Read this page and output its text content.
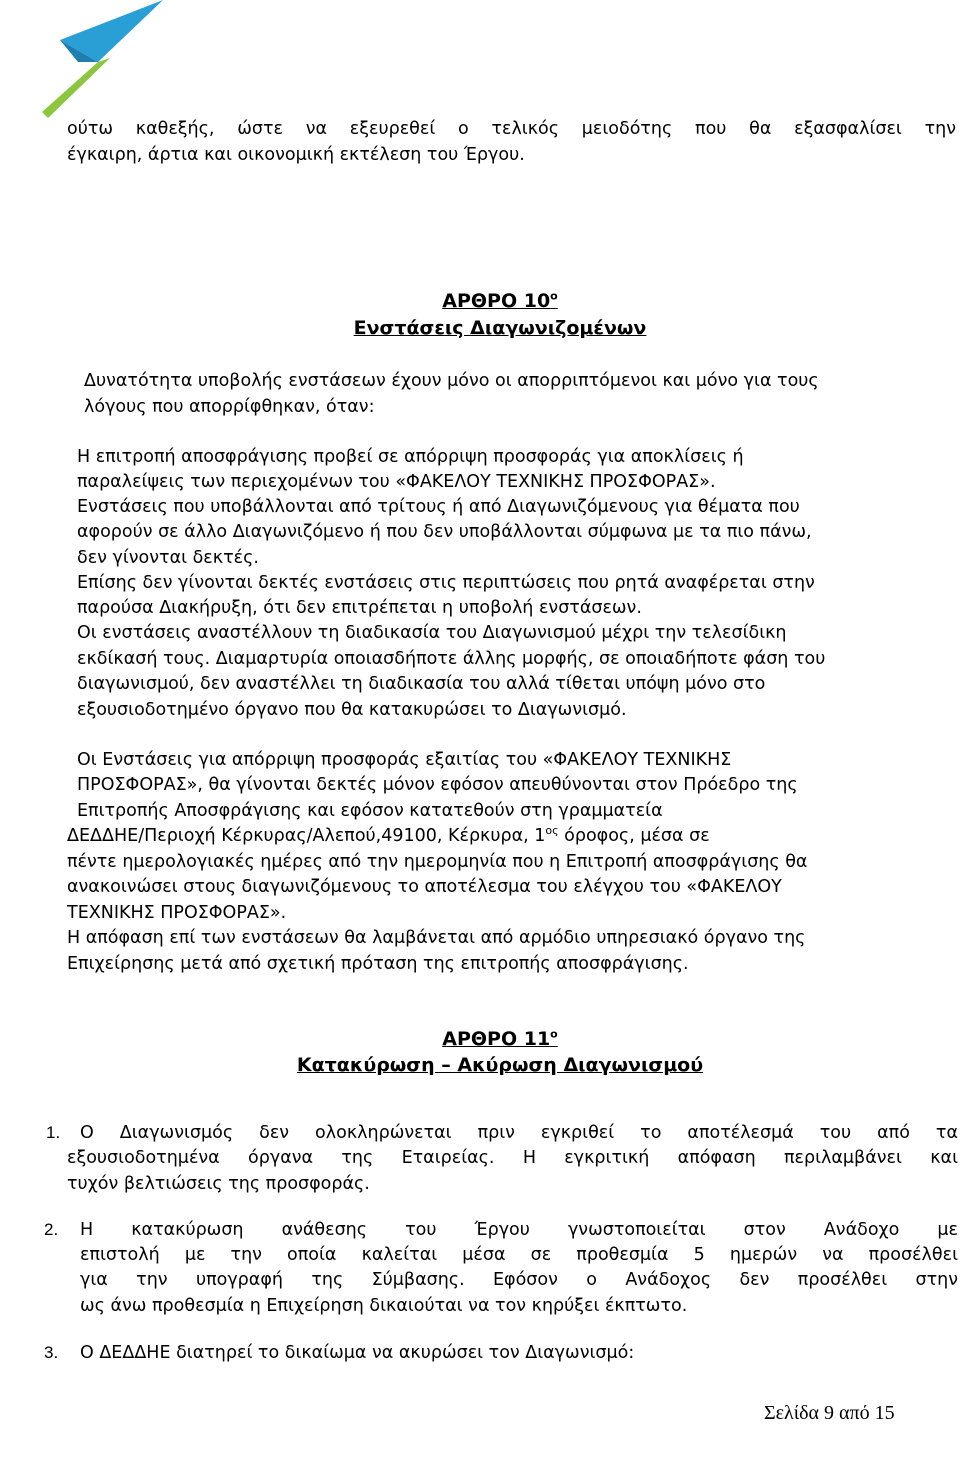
ούτω καθεξής, ώστε να εξευρεθεί ο τελικός μειοδότης που θα εξασφαλίσει την
έγκαιρη, άρτια και οικονομική εκτέλεση του Έργου.
ΑΡΘΡΟ $10^o$
Ενστάσεις Διαγωνιζομένων
Δυνατότητα υποβολής ενστάσεων έχουν μόνο οι απορριπτόμενοι και μόνο για τους
λόγους που απορρίφθηκαν, όταν:
Η επιτροπή αποσφράγισης προβεί σε απόρριψη προσφοράς για αποκλίσεις ή
παραλείψεις των περιεχομένων του «ΦΑΚΕΛΟΥ ΤΕΧΝΙΚΗΣ ΠΡΟΣΦΟΡΑΣ».
Ενστάσεις που υποβάλλονται από τρίτους ή από Διαγωνιζόμενους για θέματα που
αφορούν σε άλλο Διαγωνιζόμενο ή που δεν υποβάλλονται σύμφωνα με τα πιο πάνω,
δεν γίνονται δεκτές.
Επίσης δεν γίνονται δεκτές ενστάσεις στις περιπτώσεις που ρητά αναφέρεται στην
παρούσα Διακήρυξη, ότι δεν επιτρέπεται η υποβολή ενστάσεων.
Οι ενστάσεις αναστέλλουν τη διαδικασία του Διαγωνισμού μέχρι την τελεσίδικη
εκδίκασή τους. Διαμαρτυρία οποιασδήποτε άλλης μορφής, σε οποιαδήποτε φάση του
διαγωνισμού, δεν αναστέλλει τη διαδικασία του αλλά τίθεται υπόψη μόνο στο
εξουσιοδοτημένο όργανο που θα κατακυρώσει το Διαγωνισμό.
Οι Ενστάσεις για απόρριψη προσφοράς εξαιτίας του «ΦΑΚΕΛΟΥ ΤΕΧΝΙΚΗΣ
ΠΡΟΣΦΟΡΑΣ», θα γίνονται δεκτές μόνον εφόσον απευθύνονται στον Πρόεδρο της
Επιτροπής Αποσφράγισης και εφόσον κατατεθούν στη γραμματεία
ΔΕΔΔΗΕ/Περιοχή Κέρκυρας/Αλεπού,49100, Κέρκυρα, $1^{o\varsigma}$ όροφος, μέσα σε
πέντε ημερολογιακές ημέρες από την ημερομηνία που η Επιτροπή αποσφράγισης θα
ανακοινώσει στους διαγωνιζόμενους το αποτέλεσμα του ελέγχου του «ΦΑΚΕΛΟΥ
ΤΕΧΝΙΚΗΣ ΠΡΟΣΦΟΡΑΣ».
Η απόφαση επί των ενστάσεων θα λαμβάνεται από αρμόδιο υπηρεσιακό όργανο της
Επιχείρησης μετά από σχετική πρόταση της επιτροπής αποσφράγισης.
ΑΡΘΡΟ $11^o$
Κατακύρωση – Ακύρωση Διαγωνισμού
1. Ο Διαγωνισμός δεν ολοκληρώνεται πριν εγκριθεί το αποτέλεσμά του από τα
εξουσιοδοτημένα όργανα της Εταιρείας. Η εγκριτική απόφαση περιλαμβάνει και
τυχόν βελτιώσεις της προσφοράς.
2. Η κατακύρωση ανάθεσης του Έργου γνωστοποιείται στον Ανάδοχο με
επιστολή με την οποία καλείται μέσα σε προθεσμία 5 ημερών να προσέλθει
για την υπογραφή της Σύμβασης. Εφόσον ο Ανάδοχος δεν προσέλθει στην
ως άνω προθεσμία η Επιχείρηση δικαιούται να τον κηρύξει έκπτωτο.
3. Ο ΔΕΔΔΗΕ διατηρεί το δικαίωμα να ακυρώσει τον Διαγωνισμό:
Σελίδα 9 από 15
